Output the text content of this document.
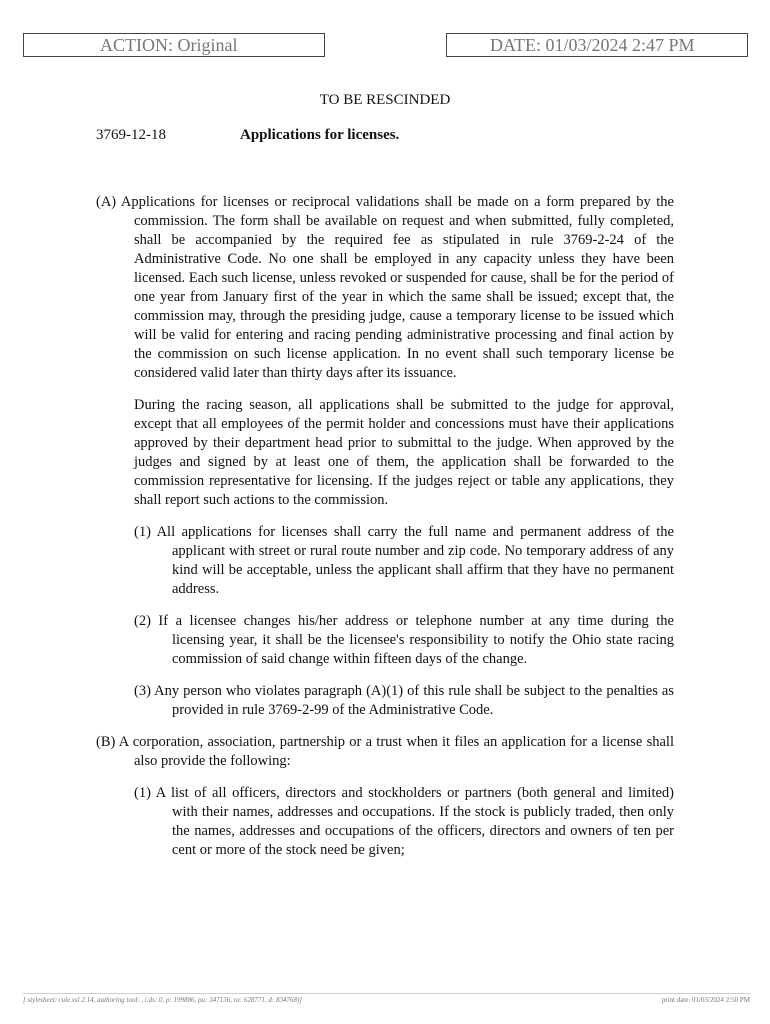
ACTION: Original	DATE: 01/03/2024 2:47 PM
TO BE RESCINDED
3769-12-18	Applications for licenses.

(A) Applications for licenses or reciprocal validations shall be made on a form prepared by the commission. The form shall be available on request and when submitted, fully completed, shall be accompanied by the required fee as stipulated in rule 3769-2-24 of the Administrative Code. No one shall be employed in any capacity unless they have been licensed. Each such license, unless revoked or suspended for cause, shall be for the period of one year from January first of the year in which the same shall be issued; except that, the commission may, through the presiding judge, cause a temporary license to be issued which will be valid for entering and racing pending administrative processing and final action by the commission on such license application. In no event shall such temporary license be considered valid later than thirty days after its issuance.

During the racing season, all applications shall be submitted to the judge for approval, except that all employees of the permit holder and concessions must have their applications approved by their department head prior to submittal to the judge. When approved by the judges and signed by at least one of them, the application shall be forwarded to the commission representative for licensing. If the judges reject or table any applications, they shall report such actions to the commission.

(1) All applications for licenses shall carry the full name and permanent address of the applicant with street or rural route number and zip code. No temporary address of any kind will be acceptable, unless the applicant shall affirm that they have no permanent address.

(2) If a licensee changes his/her address or telephone number at any time during the licensing year, it shall be the licensee's responsibility to notify the Ohio state racing commission of said change within fifteen days of the change.

(3) Any person who violates paragraph (A)(1) of this rule shall be subject to the penalties as provided in rule 3769-2-99 of the Administrative Code.

(B) A corporation, association, partnership or a trust when it files an application for a license shall also provide the following:

(1) A list of all officers, directors and stockholders or partners (both general and limited) with their names, addresses and occupations. If the stock is publicly traded, then only the names, addresses and occupations of the officers, directors and owners of ten per cent or more of the stock need be given;

[ stylesheet: rule.xsl 2.14, authoring tool: , i.ds: 0, p: 199886, pa: 347136, ra: 628771, d: 834768)]	print date: 01/03/2024 2:50 PM
